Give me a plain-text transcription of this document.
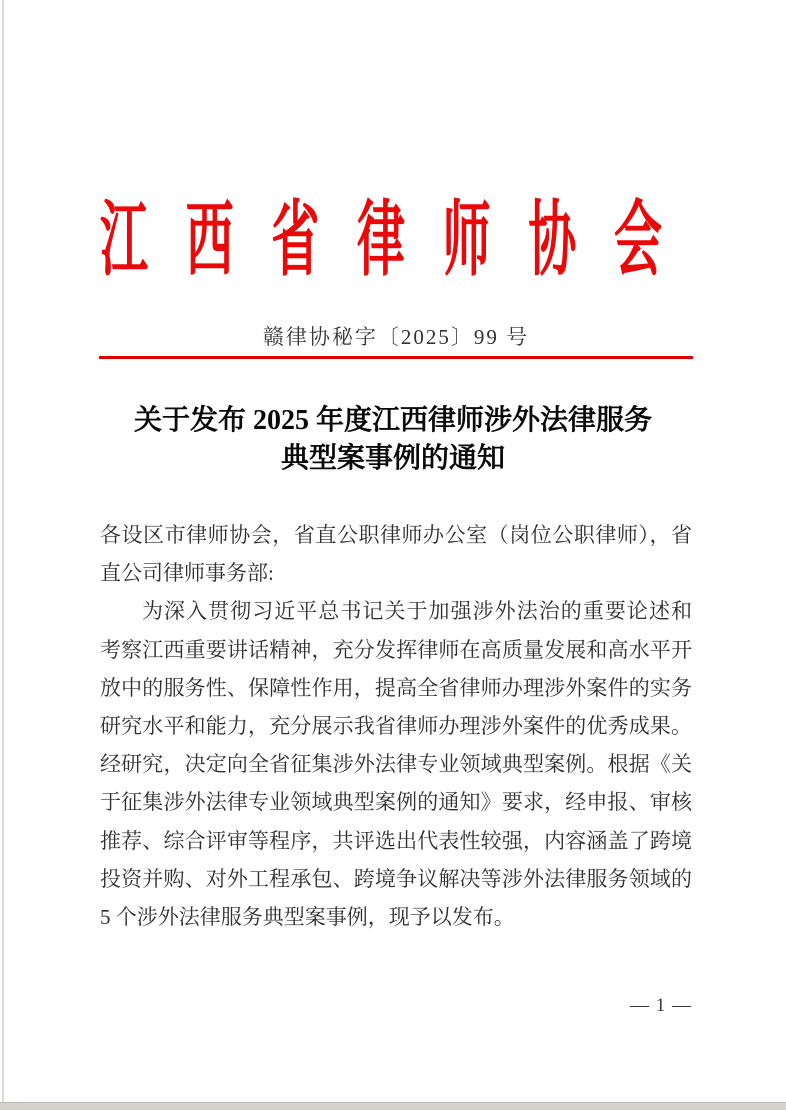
江西省律师协会
赣律协秘字〔2025〕99 号
关于发布 2025 年度江西律师涉外法律服务
典型案事例的通知
各设区市律师协会，省直公职律师办公室（岗位公职律师），省
直公司律师事务部:
为深入贯彻习近平总书记关于加强涉外法治的重要论述和
考察江西重要讲话精神，充分发挥律师在高质量发展和高水平开
放中的服务性、保障性作用，提高全省律师办理涉外案件的实务
研究水平和能力，充分展示我省律师办理涉外案件的优秀成果。
经研究，决定向全省征集涉外法律专业领域典型案例。根据《关
于征集涉外法律专业领域典型案例的通知》要求，经申报、审核
推荐、综合评审等程序，共评选出代表性较强，内容涵盖了跨境
投资并购、对外工程承包、跨境争议解决等涉外法律服务领域的
5 个涉外法律服务典型案事例，现予以发布。
— 1 —
